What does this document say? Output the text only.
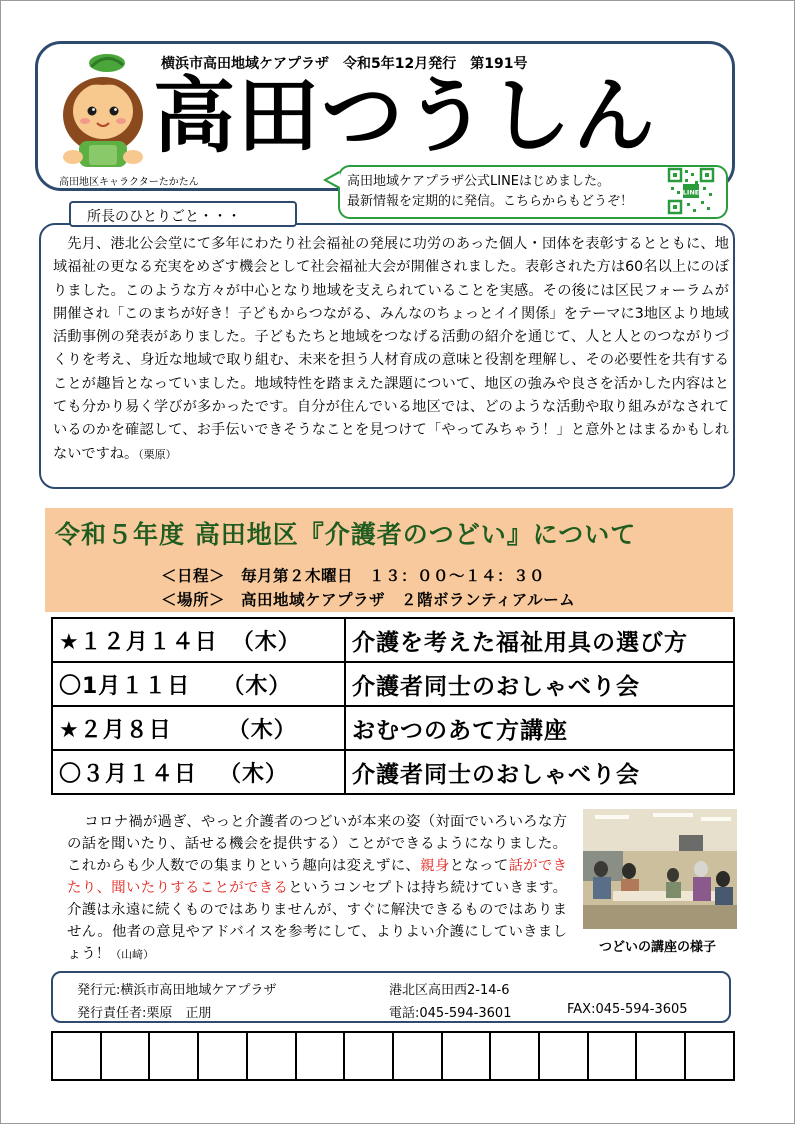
横浜市高田地域ケアプラザ　令和5年12月発行　第191号
高田つうしん
高田地区キャラクターたかたん	高田地域ケアプラザ公式LINEはじめました。
最新情報を定期的に発信。こちらからもどうぞ！
LINE
所長のひとりごと・・・
先月、港北公会堂にて多年にわたり社会福祉の発展に功労のあった個人・団体を表彰するとともに、地域福祉の更なる充実をめざす機会として社会福祉大会が開催されました。表彰された方は60名以上にのぼりました。このような方々が中心となり地域を支えられていることを実感。その後には区民フォーラムが開催され「このまちが好き！子どもからつながる、みんなのちょっとイイ関係」をテーマに3地区より地域活動事例の発表がありました。子どもたちと地域をつなげる活動の紹介を通じて、人と人とのつながりづくりを考え、身近な地域で取り組む、未来を担う人材育成の意味と役割を理解し、その必要性を共有することが趣旨となっていました。地域特性を踏まえた課題について、地区の強みや良さを活かした内容はとても分かり易く学びが多かったです。自分が住んでいる地区では、どのような活動や取り組みがなされているのかを確認して、お手伝いできそうなことを見つけて「やってみちゃう！」と意外とはまるかもしれないですね。（栗原）
令和５年度 高田地区『介護者のつどい』について
＜日程＞　毎月第２木曜日　１３：００～１４：３０
＜場所＞　高田地域ケアプラザ　２階ボランティアルーム
★１２月１４日 （木）	介護を考えた福祉用具の選び方
〇1月１１日 （木）	介護者同士のおしゃべり会
★２月８日 （木）	おむつのあて方講座
〇３月１４日 （木）	介護者同士のおしゃべり会
コロナ禍が過ぎ、やっと介護者のつどいが本来の姿（対面でいろいろな方の話を聞いたり、話せる機会を提供する）ことができるようになりました。これからも少人数での集まりという趣向は変えずに、親身となって話ができたり、聞いたりすることができるというコンセプトは持ち続けていきます。介護は永遠に続くものではありませんが、すぐに解決できるものではありません。他者の意見やアドバイスを参考にして、よりよい介護にしていきましょう！（山﨑）	つどいの講座の様子
発行元:横浜市高田地域ケアプラザ	港北区高田西2-14-6
発行責任者:栗原　正朋	電話:045-594-3601	FAX:045-594-3605
